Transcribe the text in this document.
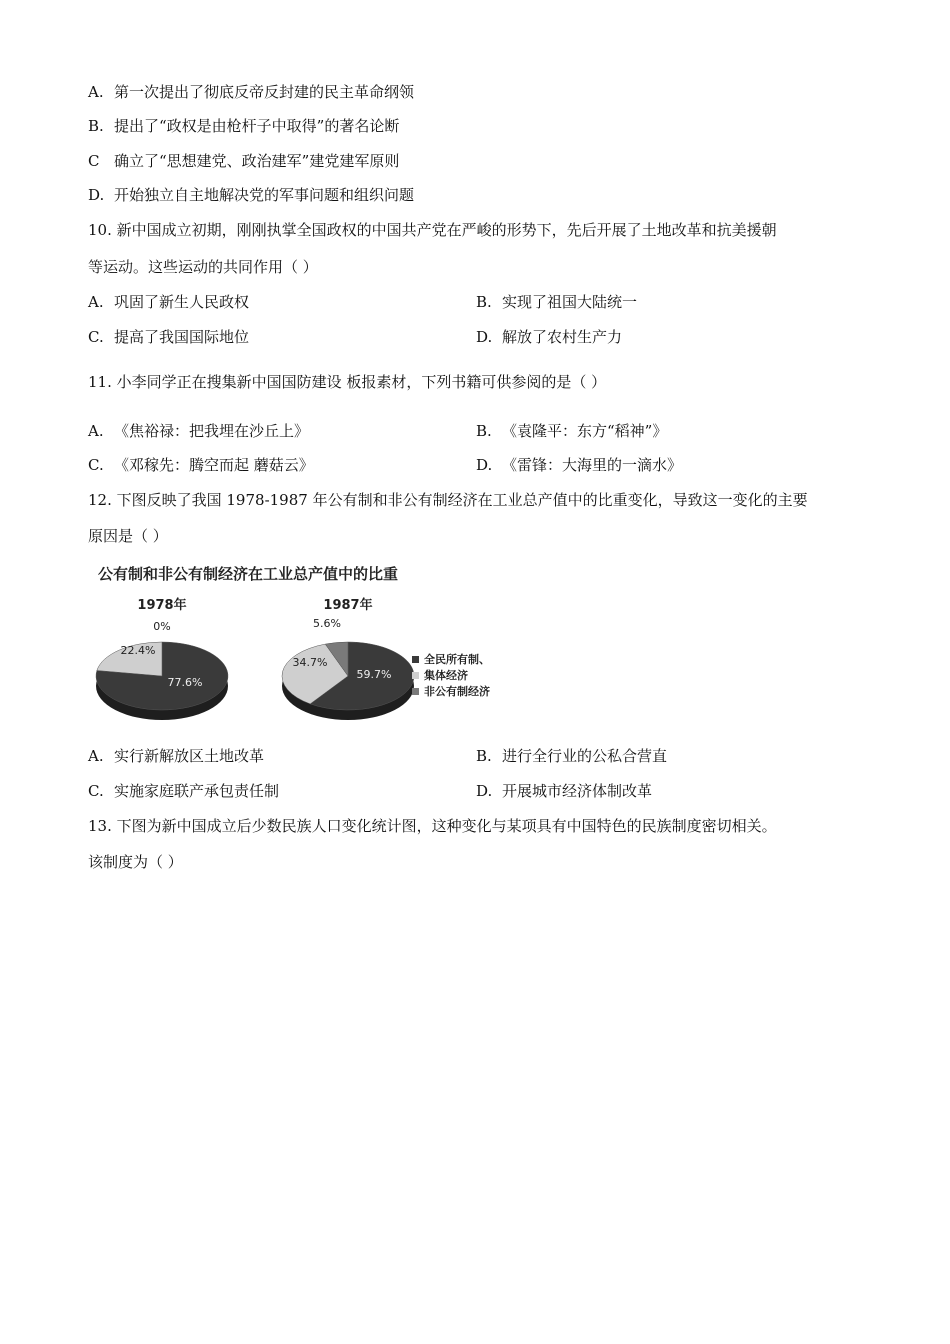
A. 第一次提出了彻底反帝反封建的民主革命纲领
B. 提出了“政权是由枪杆子中取得”的著名论断
C 确立了“思想建党、政治建军”建党建军原则
D. 开始独立自主地解决党的军事问题和组织问题
10. 新中国成立初期，刚刚执掌全国政权的中国共产党在严峻的形势下，先后开展了土地改革和抗美援朝
等运动。这些运动的共同作用（ ）
A. 巩固了新生人民政权	B. 实现了祖国大陆统一
C. 提高了我国国际地位	D. 解放了农村生产力
11. 小李同学正在搜集新中国国防建设 板报素材，下列书籍可供参阅的是（ ）
A. 《焦裕禄：把我埋在沙丘上》	B. 《袁隆平：东方“稻神”》
C. 《邓稼先：腾空而起 蘑菇云》	D. 《雷锋：大海里的一滴水》
12. 下图反映了我国 1978-1987 年公有制和非公有制经济在工业总产值中的比重变化，导致这一变化的主要
原因是（ ）
公有制和非公有制经济在工业总产值中的比重
1978年
0%
22.4%
77.6%
1987年
5.6%
34.7%
59.7%
全民所有制、
集体经济
非公有制经济
A. 实行新解放区土地改革	B. 进行全行业的公私合营直
C. 实施家庭联产承包责任制	D. 开展城市经济体制改革
13. 下图为新中国成立后少数民族人口变化统计图，这种变化与某项具有中国特色的民族制度密切相关。
该制度为（ ）
